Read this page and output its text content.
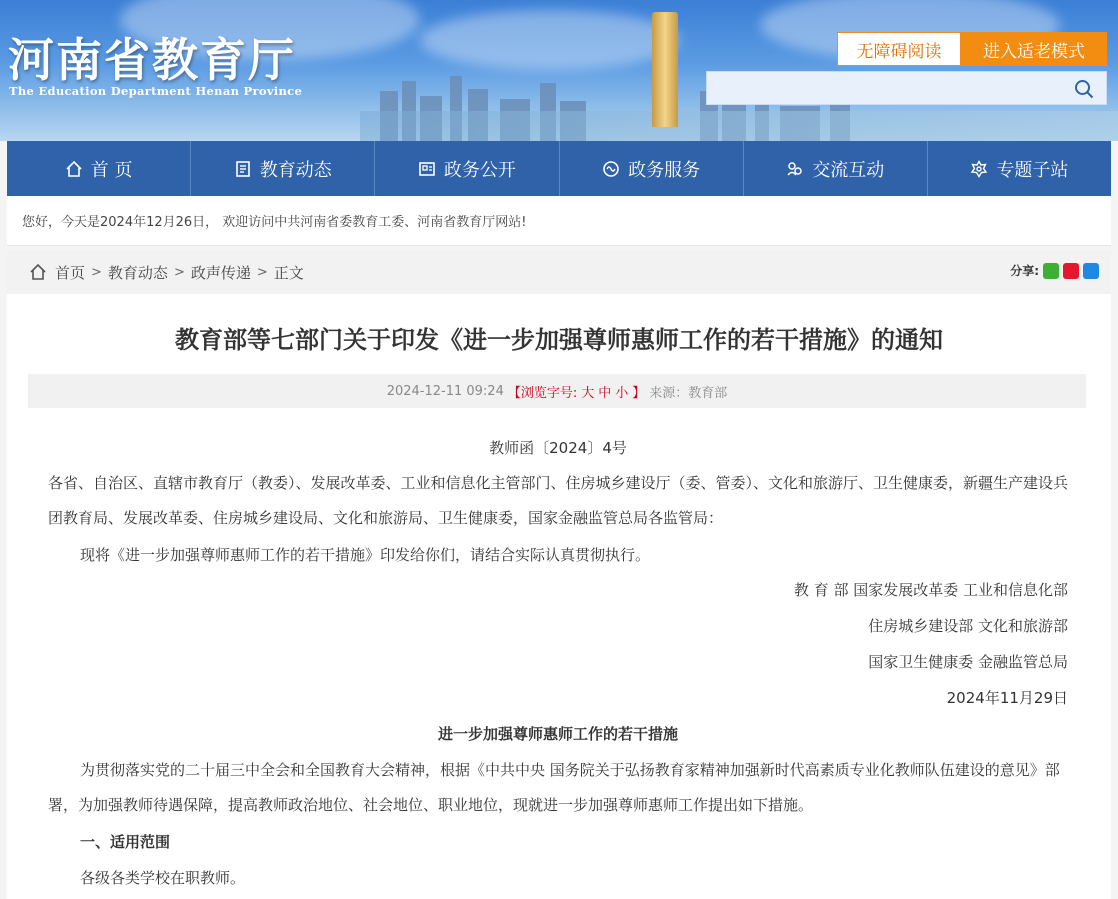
河南省教育厅
The Education Department Henan Province
无障碍阅读	进入适老模式
首 页	教育动态	政务公开	政务服务	交流互动	专题子站
您好，今天是2024年12月26日， 欢迎访问中共河南省委教育工委、河南省教育厅网站!
首页 > 教育动态 > 政声传递 > 正文	分享:
教育部等七部门关于印发《进一步加强尊师惠师工作的若干措施》的通知
2024-12-11 09:24 【浏览字号: 大 中 小 】 来源：教育部
教师函〔2024〕4号
各省、自治区、直辖市教育厅（教委）、发展改革委、工业和信息化主管部门、住房城乡建设厅（委、管委）、文化和旅游厅、卫生健康委，新疆生产建设兵团教育局、发展改革委、住房城乡建设局、文化和旅游局、卫生健康委，国家金融监管总局各监管局：
现将《进一步加强尊师惠师工作的若干措施》印发给你们，请结合实际认真贯彻执行。
教 育 部 国家发展改革委 工业和信息化部
住房城乡建设部 文化和旅游部
国家卫生健康委 金融监管总局
2024年11月29日
进一步加强尊师惠师工作的若干措施
为贯彻落实党的二十届三中全会和全国教育大会精神，根据《中共中央 国务院关于弘扬教育家精神加强新时代高素质专业化教师队伍建设的意见》部署，为加强教师待遇保障，提高教师政治地位、社会地位、职业地位，现就进一步加强尊师惠师工作提出如下措施。
一、适用范围
各级各类学校在职教师。
